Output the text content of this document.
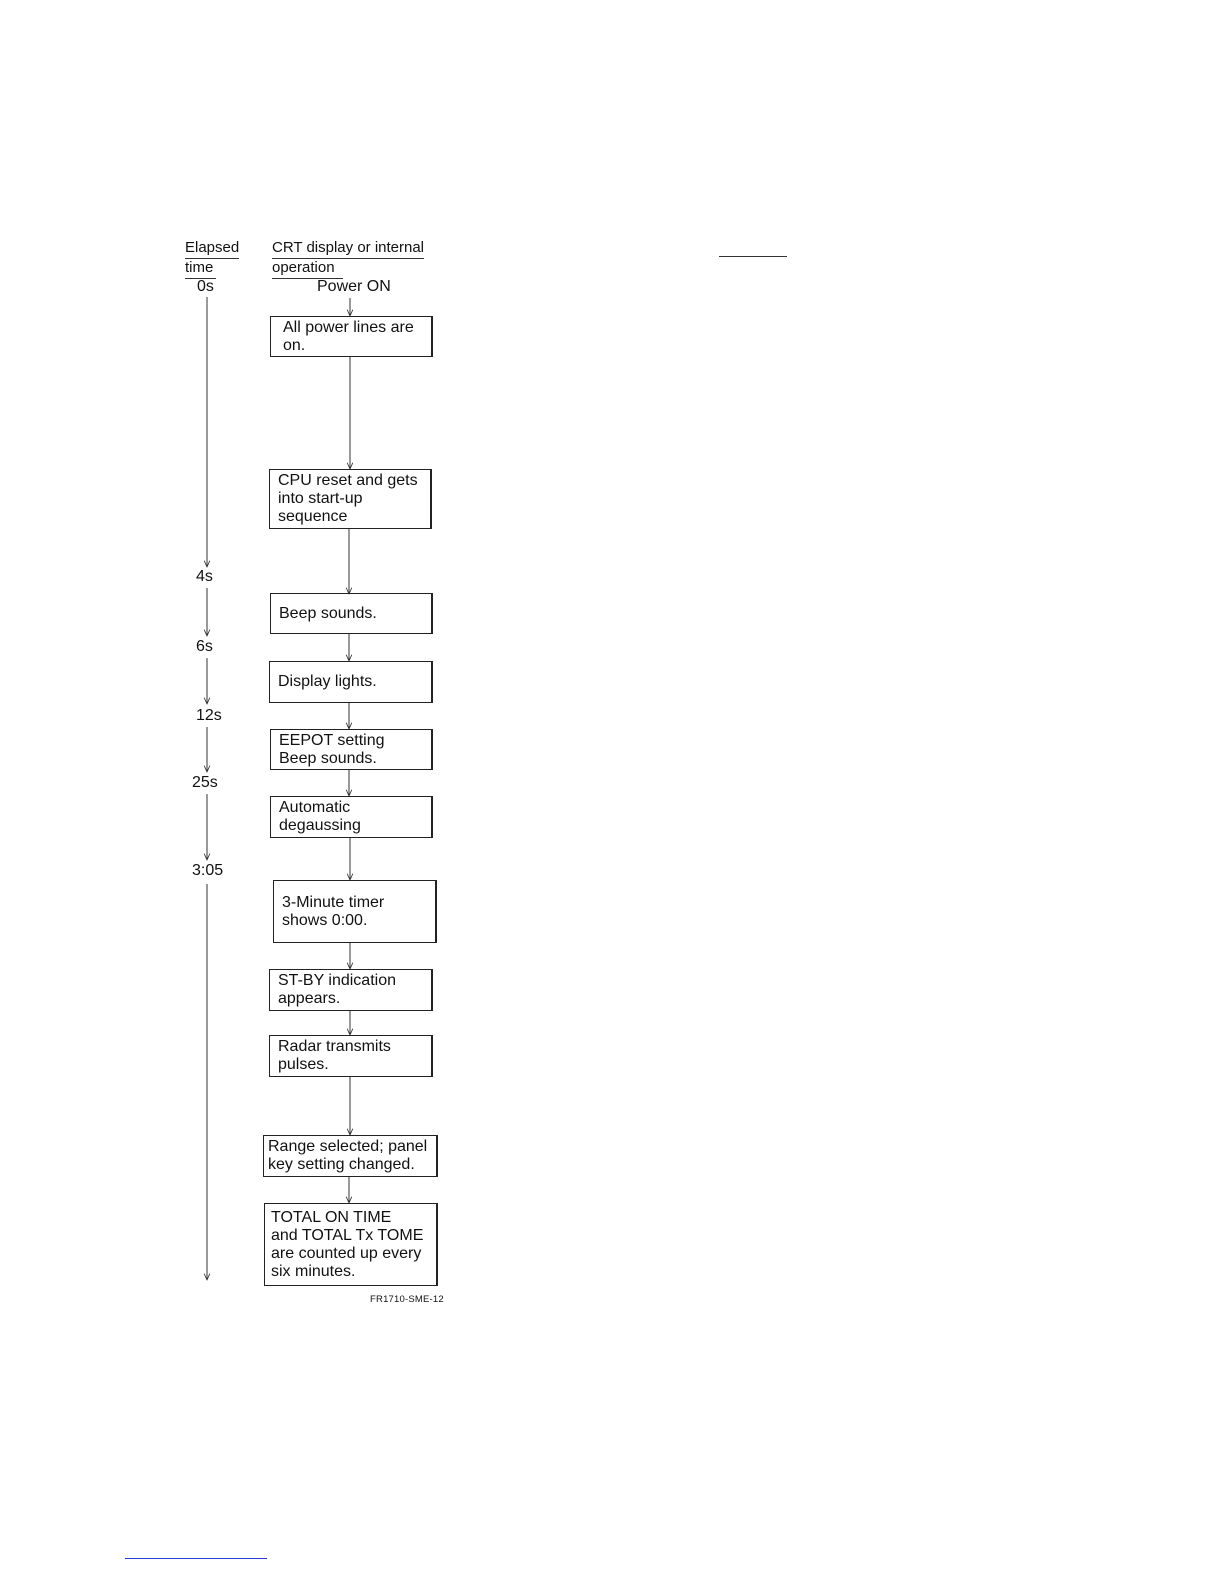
Elapsed
time
CRT display or internal
operation
0s
4s
6s
12s
25s
3:05
Power ON
All power lines are
on.
CPU reset and gets
into start-up
sequence
Beep sounds.
Display lights.
EEPOT setting
Beep sounds.
Automatic
degaussing
3-Minute timer
shows 0:00.
ST-BY indication
appears.
Radar transmits
pulses.
Range selected; panel
key setting changed.
TOTAL ON TIME
and TOTAL Tx TOME
are counted up every
six minutes.
FR1710-SME-12
